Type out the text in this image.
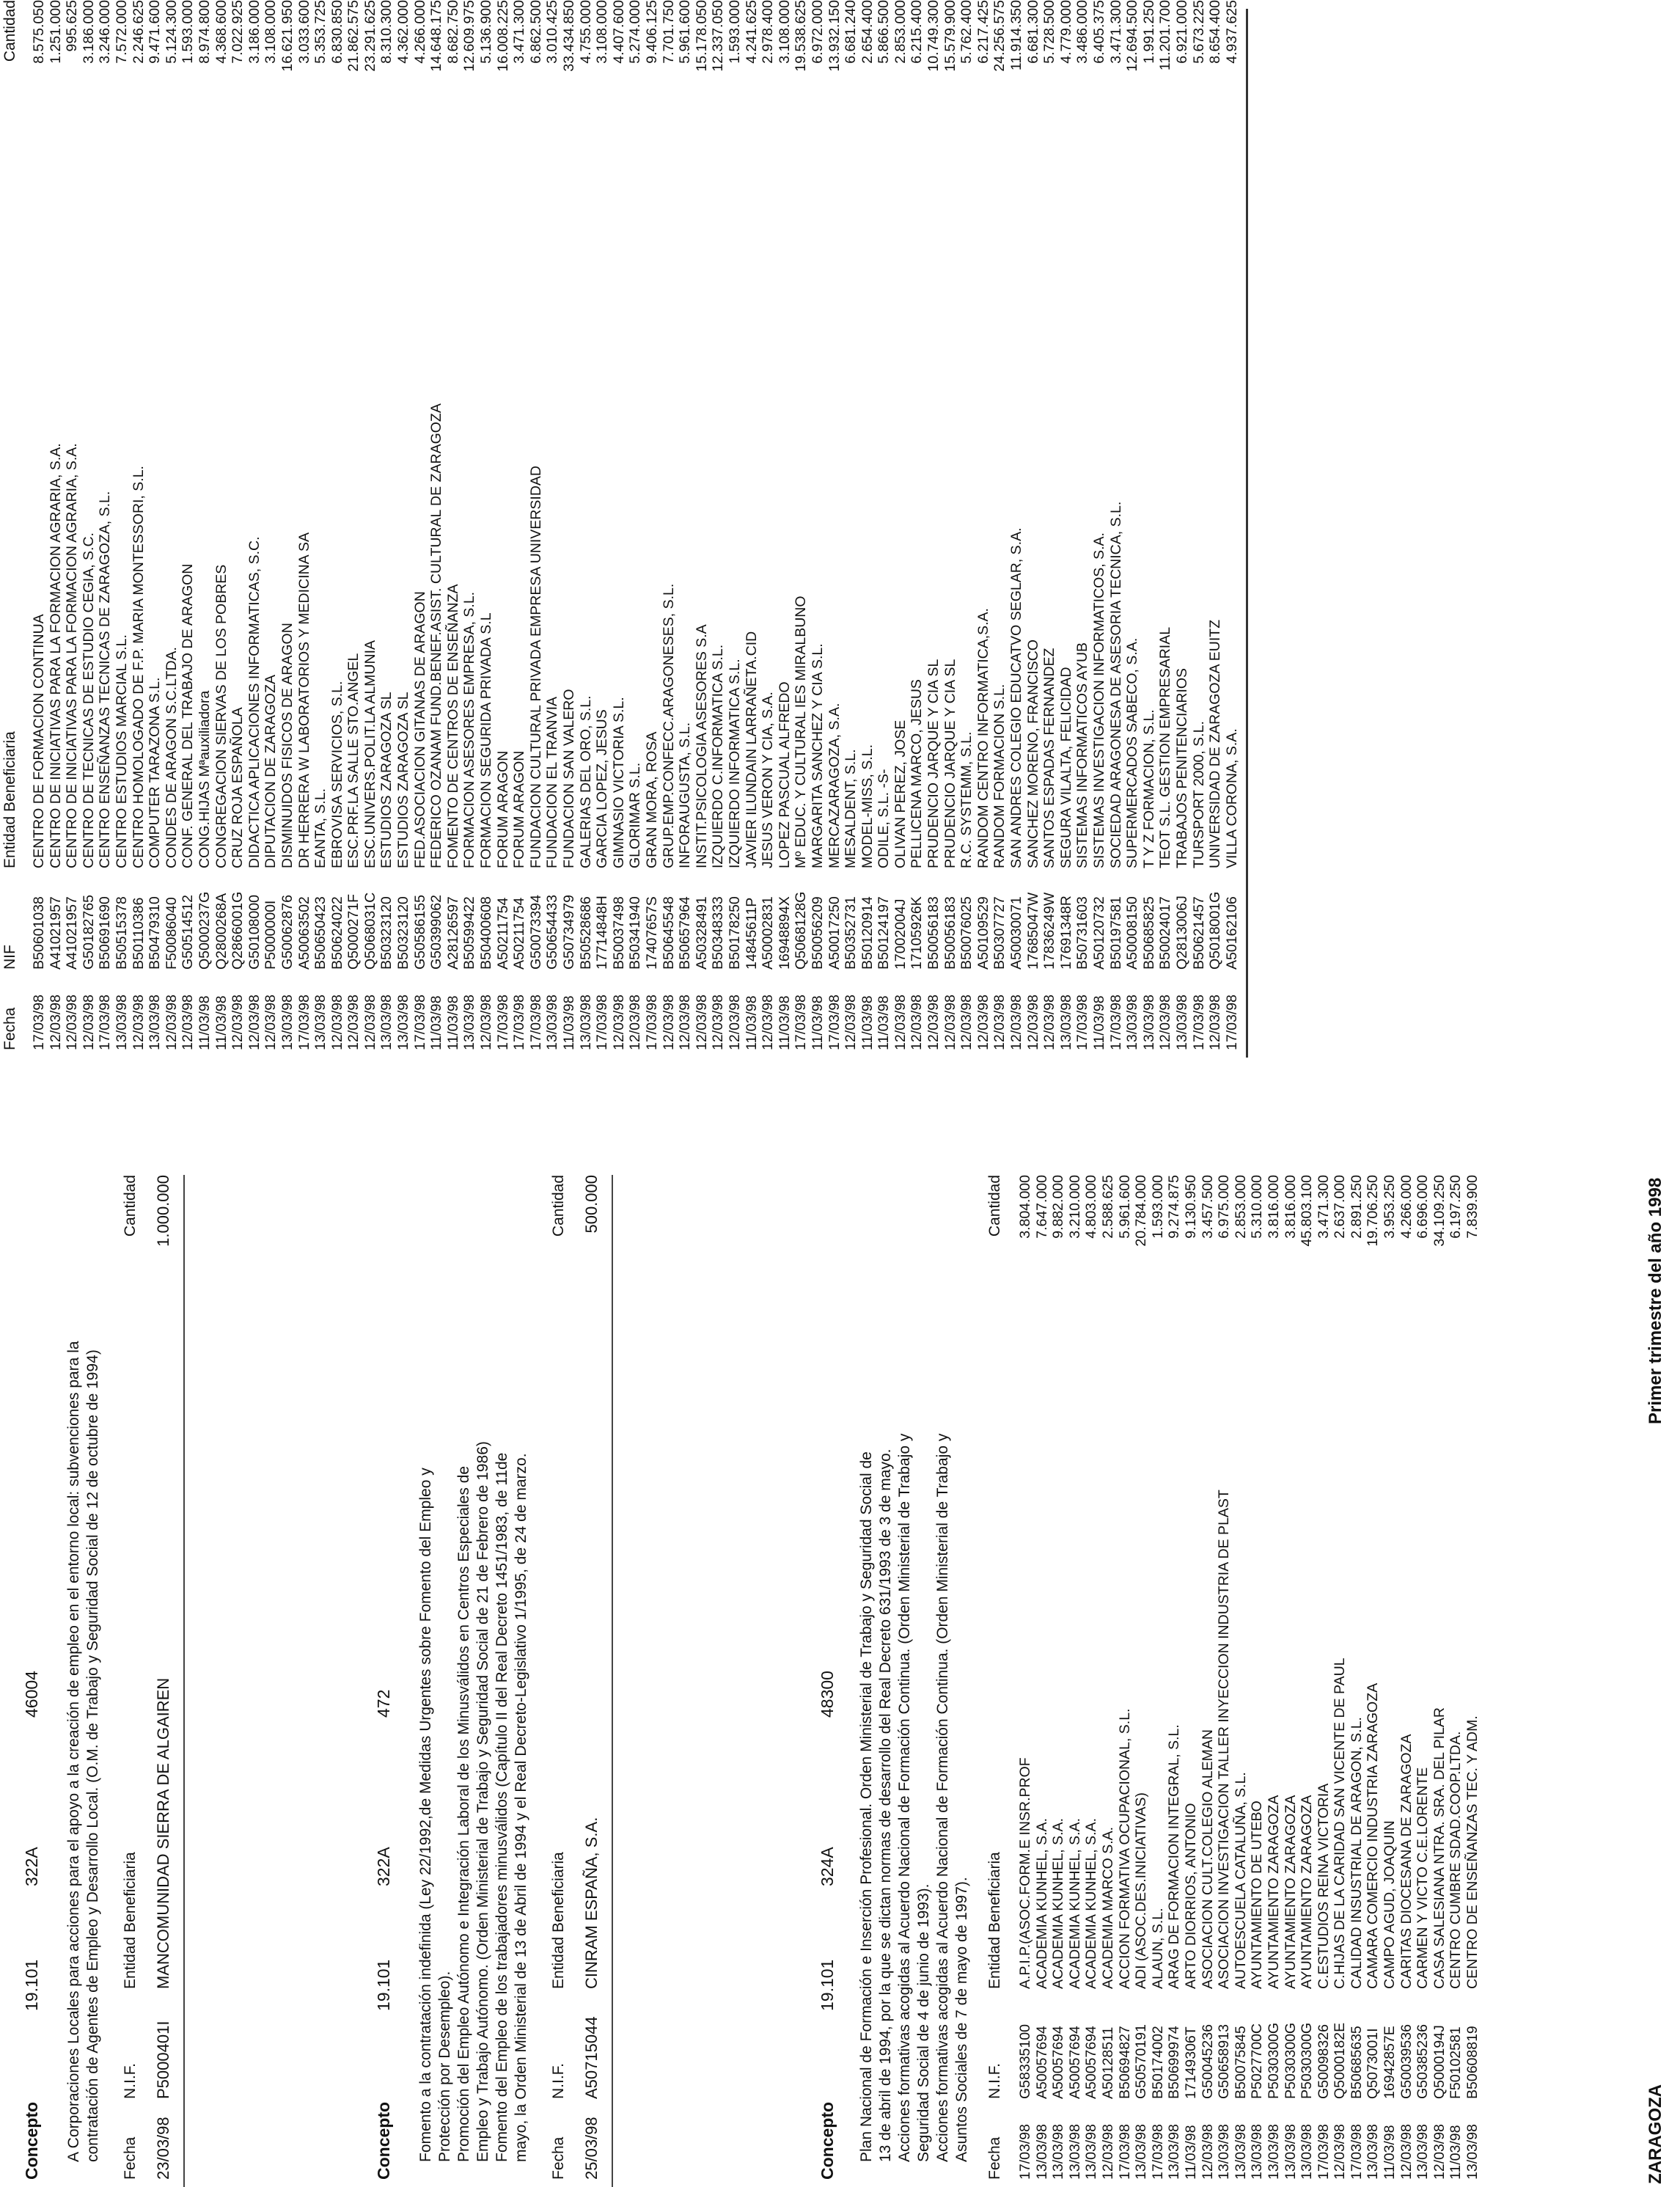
Concepto
19.101
322A
46004 A Corporaciones Locales para acciones para el apoyo a la creación de empleo en el entorno local: subvenciones para la contratación de Agentes de Empleo y Desarrollo Local. (O.M. de Trabajo y Seguridad Social de 12 de octubre de 1994) Fecha
N.I.F.
Entidad Beneficiaria
Cantidad
23/03/98
P5000401I
MANCOMUNIDAD SIERRA DE ALGAIREN
1.000.000
Concepto
19.101
322A
472 Fomento a la contratación indefinida (Ley 22/1992,de Medidas Urgentes sobre Fomento del Empleo y Protección por Desempleo). Promoción del Empleo Autónomo e Integración Laboral de los Minusválidos en Centros Especiales de Empleo y Trabajo Autónomo. (Orden Ministerial de Trabajo y Seguridad Social de 21 de Febrero de 1986) Fomento del Empleo de los trabajadores minusválidos (Capítulo II del Real Decreto 1451/1983, de 11de mayo, la Orden Ministerial de 13 de Abril de 1994 y el Real Decreto-Legislativo 1/1995, de 24 de marzo. Fecha
N.I.F.
Entidad Beneficiaria
Cantidad
25/03/98
A50715044
CINRAM ESPAÑA, S.A.
500.000
Concepto
19.101
324A
48300 Plan Nacional de Formación e Inserción Profesional. Orden Ministerial de Trabajo y Seguridad Social de 13 de abril de 1994, por la que se dictan normas de desarrollo del Real Decreto 631/1993 de 3 de mayo. Acciones formativas acogidas al Acuerdo Nacional de Formación Continua. (Orden Ministerial de Trabajo y Seguridad Social de 4 de junio de 1993). Acciones formativas acogidas al Acuerdo Nacional de Formación Continua. (Orden Ministerial de Trabajo y Asuntos Sociales de 7 de mayo de 1997). Fecha
N.I.F.
Entidad Beneficiaria
Cantidad
17/03/98
G58335100
A.P.I.P.(ASOC.FORM.E INSR.PROF
3.804.000
13/03/98
A50057694
ACADEMIA KUNHEL, S.A.
7.647.000
13/03/98
A50057694
ACADEMIA KUNHEL, S.A.
9.882.000
13/03/98
A50057694
ACADEMIA KUNHEL, S.A.
3.210.000
13/03/98
A50057694
ACADEMIA KUNHEL, S.A.
4.803.000
12/03/98
A50128511
ACADEMIA MARCO S.A.
2.588.625
17/03/98
B50694827
ACCION FORMATIVA OCUPACIONAL, S.L.
5.961.600
13/03/98
G50570191
ADI (ASOC.DES.INICIATIVAS)
20.784.000
17/03/98
B50174002
ALAUN, S.L.
1.593.000
13/03/98
B50699974
ARAG DE FORMACION INTEGRAL, S.L.
9.274.875
11/03/98
17149306T
ARTO DIORRIOS, ANTONIO
9.130.950
12/03/98
G50045236
ASOCIACION CULT.COLEGIO ALEMAN
3.457.500
13/03/98
G50658913
ASOCIACION INVESTIGACION TALLER INYECCION INDUSTRIA DE PLAST
6.975.000
13/03/98
B50075845
AUTOESCUELA CATALUÑA, S.L.
2.853.000
13/03/98
P5027700C
AYUNTAMIENTO DE UTEBO
5.310.000
13/03/98
P5030300G
AYUNTAMIENTO ZARAGOZA
3.816.000
13/03/98
P5030300G
AYUNTAMIENTO ZARAGOZA
3.816.000
13/03/98
P5030300G
AYUNTAMIENTO ZARAGOZA
45.803.100
17/03/98
G50098326
C.ESTUDIOS REINA VICTORIA
3.471.300
12/03/98
Q5000182E
C.HIJAS DE LA CARIDAD SAN VICENTE DE PAUL
2.637.000
17/03/98
B50685635
CALIDAD INSUSTRIAL DE ARAGON, S.L.
2.891.250
13/03/98
Q5073001I
CAMARA COMERCIO INDUSTRIA ZARAGOZA
19.706.250
11/03/98
16942857E
CAMPO AGUD, JOAQUIN
3.953.250
12/03/98
G50039536
CARITAS DIOCESANA DE ZARAGOZA
4.266.000
13/03/98
G50385236
CARMEN Y VICTO C.E.LORENTE
6.696.000
12/03/98
Q5000194J
CASA SALESIANA NTRA. SRA. DEL PILAR
34.109.250
11/03/98
F50102581
CENTRO CUMBRE SDAD.COOP.LTDA.
6.197.250
13/03/98
B50608819
CENTRO DE ENSEÑANZAS TEC. Y ADM.
7.839.900
ZARAGOZA
Primer trimestre del año 1998
Fecha
NIF
Entidad Beneficiaria
Cantidad
17/03/98
B50601038
CENTRO DE FORMACION CONTINUA
8.575.050
12/03/98
A41021957
CENTRO DE INICIATIVAS PARA LA FORMACION AGRARIA, S.A.
1.251.000
12/03/98
A41021957
CENTRO DE INICIATIVAS PARA LA FORMACION AGRARIA, S.A.
995.625
12/03/98
G50182765
CENTRO DE TECNICAS DE ESTUDIO CEGIA, S.C.
3.186.000
17/03/98
B50691690
CENTRO ENSEÑANZAS TECNICAS DE ZARAGOZA, S.L.
3.246.000
13/03/98
B50515378
CENTRO ESTUDIOS MARCIAL S.L.
7.572.000
12/03/98
B50110386
CENTRO HOMOLOGADO DE F.P. MARIA MONTESSORI, S.L.
2.246.625
13/03/98
B50479310
COMPUTER TARAZONA S.L.
9.471.600
12/03/98
F50086040
CONDES DE ARAGON S.C.LTDA.
5.124.300
12/03/98
G50514512
CONF. GENERAL DEL TRABAJO DE ARAGON
1.593.000
11/03/98
Q5000237G
CONG.HIJAS Mªauxiliadora
8.974.800
11/03/98
Q2800268A
CONGREGACION SIERVAS DE LOS POBRES
4.368.600
12/03/98
Q2866001G
CRUZ ROJA ESPAÑOLA
7.022.925
12/03/98
G50108000
DIDACTICA APLICACIONES INFORMATICAS, S.C.
3.186.000
12/03/98
P5000000I
DIPUTACION DE ZARAGOZA
3.108.000
13/03/98
G50062876
DISMINUIDOS FISICOS DE ARAGON
16.621.950
17/03/98
A50063502
DR HERRERA W LABORATORIOS Y MEDICINA SA
3.033.600
13/03/98
B50650423
EANTA, S.L.
5.353.725
12/03/98
B50624022
EBROVISA SERVICIOS, S.L.
6.830.850
12/03/98
Q5000271F
ESC.PRF.LA SALLE STO.ANGEL
21.862.575
12/03/98
Q5068031C
ESC.UNIVERS.POLIT.LA ALMUNIA
23.291.625
13/03/98
B50323120
ESTUDIOS ZARAGOZA SL
8.310.300
13/03/98
B50323120
ESTUDIOS ZARAGOZA SL
4.362.000
17/03/98
G50586155
FED.ASOCIACION GITANAS DE ARAGON
4.266.000
11/03/98
G50399062
FEDERICO OZANAM FUND.BENEF.ASIST. CULTURAL DE ZARAGOZA
14.648.175
11/03/98
A28126597
FOMENTO DE CENTROS DE ENSEÑANZA
8.682.750
13/03/98
B50599422
FORMACION ASESORES EMPRESA, S.L.
12.609.975
12/03/98
B50400608
FORMACION SEGURIDA PRIVADA S.L
5.136.900
17/03/98
A50211754
FORUM ARAGON
16.008.225
17/03/98
A50211754
FORUM ARAGON
3.471.300
17/03/98
G50073394
FUNDACION CULTURAL PRIVADA EMPRESA UNIVERSIDAD
6.862.500
13/03/98
G50654433
FUNDACION EL TRANVIA
3.010.425
11/03/98
G50734979
FUNDACION SAN VALERO
33.434.850
13/03/98
B50528686
GALERIAS DEL ORO, S.L.
4.755.000
17/03/98
17714848H
GARCIA LOPEZ, JESUS
3.108.000
12/03/98
B50037498
GIMNASIO VICTORIA S.L.
4.407.600
12/03/98
B50341940
GLORIMAR S.L.
5.274.000
17/03/98
17407657S
GRAN MORA, ROSA
9.406.125
12/03/98
B50645548
GRUP.EMP.CONFECC.ARAGONESES, S.L.
7.701.750
12/03/98
B50657964
INFORAUGUSTA, S.L.
5.961.600
12/03/98
A50328491
INSTIT.PSICOLOGIA ASESORES S.A
15.178.050
12/03/98
B50348333
IZQUIERDO C.INFORMATICA S.L.
12.337.050
12/03/98
B50178250
IZQUIERDO INFORMATICA S.L.
1.593.000
11/03/98
14845611P
JAVIER ILUNDAIN LARRAÑETA.CID
4.241.625
12/03/98
A50002831
JESUS VERON Y CIA, S.A.
2.978.400
11/03/98
16948894X
LOPEZ PASCUAL ALFREDO
3.108.000
17/03/98
Q5068128G
Mº EDUC. Y CULTURAL IES MIRALBUNO
19.538.625
11/03/98
B50056209
MARGARITA SANCHEZ Y CIA S.L.
6.972.000
17/03/98
A50017250
MERCAZARAGOZA, S.A.
13.932.150
12/03/98
B50352731
MESALDENT, S.L.
6.681.240
11/03/98
B50120914
MODEL-MISS, S.L.
2.654.400
11/03/98
B50124197
ODILE, S.L. -S-
5.866.500
12/03/98
17002004J
OLIVAN PEREZ, JOSE
2.853.000
12/03/98
17105926K
PELLICENA MARCO, JESUS
6.215.400
12/03/98
B50056183
PRUDENCIO JARQUE Y CIA SL
10.749.300
12/03/98
B50056183
PRUDENCIO JARQUE Y CIA SL
15.579.900
12/03/98
B50076025
R.C. SYSTEMM, S.L.
5.762.400
12/03/98
A50109529
RANDOM CENTRO INFORMATICA,S.A.
6.217.425
12/03/98
B50307727
RANDOM FORMACION S.L.
24.256.575
12/03/98
A50030071
SAN ANDRES COLEGIO EDUCATVO SEGLAR, S.A.
11.914.350
12/03/98
17685047W
SANCHEZ MORENO, FRANCISCO
6.681.300
12/03/98
17836249W
SANTOS ESPADAS FERNANDEZ
5.728.500
13/03/98
17691348R
SEGURA VILALTA, FELICIDAD
4.779.000
17/03/98
B50731603
SISTEMAS INFORMATICOS AYUB
3.486.000
11/03/98
A50120732
SISTEMAS INVESTIGACION INFORMATICOS, S.A.
6.405.375
17/03/98
B50197581
SOCIEDAD ARAGONESA DE ASESORIA TECNICA, S.L.
3.471.300
13/03/98
A50008150
SUPERMERCADOS SABECO, S.A.
12.694.500
13/03/98
B50685825
T Y Z FORMACION, S.L.
1.991.250
12/03/98
B50024017
TEOT S.L. GESTION EMPRESARIAL
11.201.700
13/03/98
Q2813006J
TRABAJOS PENITENCIARIOS
6.921.000
17/03/98
B50621457
TURSPORT 2000, S.L.
5.673.225
12/03/98
Q5018001G
UNIVERSIDAD DE ZARAGOZA EUITZ
8.654.400
17/03/98
A50162106
VILLA CORONA, S.A.
4.937.625
